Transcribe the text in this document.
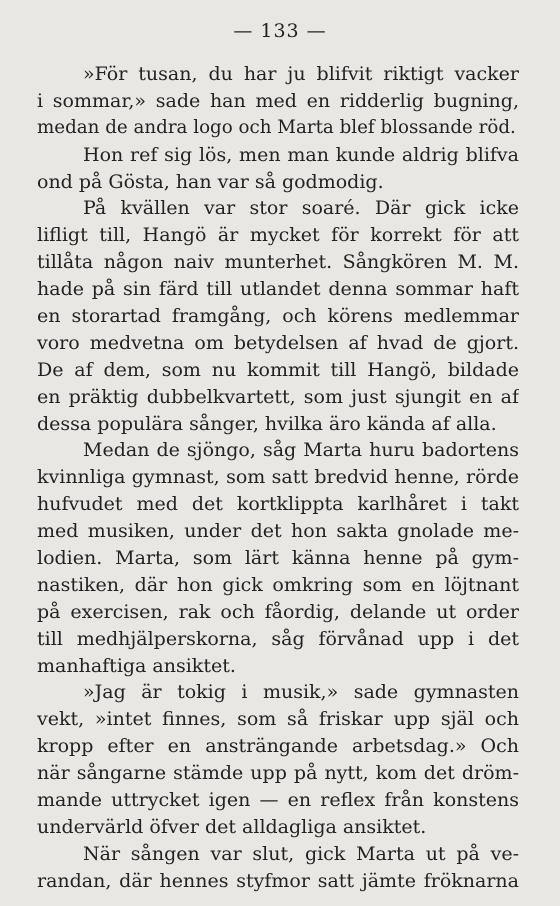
— 133 —
»För tusan, du har ju blifvit riktigt vacker
i sommar,» sade han med en ridderlig bugning,
medan de andra logo och Marta blef blossande röd.
Hon ref sig lös, men man kunde aldrig blifva
ond på Gösta, han var så godmodig.
På kvällen var stor soaré. Där gick icke
lifligt till, Hangö är mycket för korrekt för att
tillåta någon naiv munterhet. Sångkören M. M.
hade på sin färd till utlandet denna sommar haft
en storartad framgång, och körens medlemmar
voro medvetna om betydelsen af hvad de gjort.
De af dem, som nu kommit till Hangö, bildade
en präktig dubbelkvartett, som just sjungit en af
dessa populära sånger, hvilka äro kända af alla.
Medan de sjöngo, såg Marta huru badortens
kvinnliga gymnast, som satt bredvid henne, rörde
hufvudet med det kortklippta karlhåret i takt
med musiken, under det hon sakta gnolade me-
lodien. Marta, som lärt känna henne på gym-
nastiken, där hon gick omkring som en löjtnant
på exercisen, rak och fåordig, delande ut order
till medhjälperskorna, såg förvånad upp i det
manhaftiga ansiktet.
»Jag är tokig i musik,» sade gymnasten
vekt, »intet finnes, som så friskar upp själ och
kropp efter en ansträngande arbetsdag.» Och
när sångarne stämde upp på nytt, kom det dröm-
mande uttrycket igen — en reflex från konstens
undervärld öfver det alldagliga ansiktet.
När sången var slut, gick Marta ut på ve-
randan, där hennes styfmor satt jämte fröknarna
